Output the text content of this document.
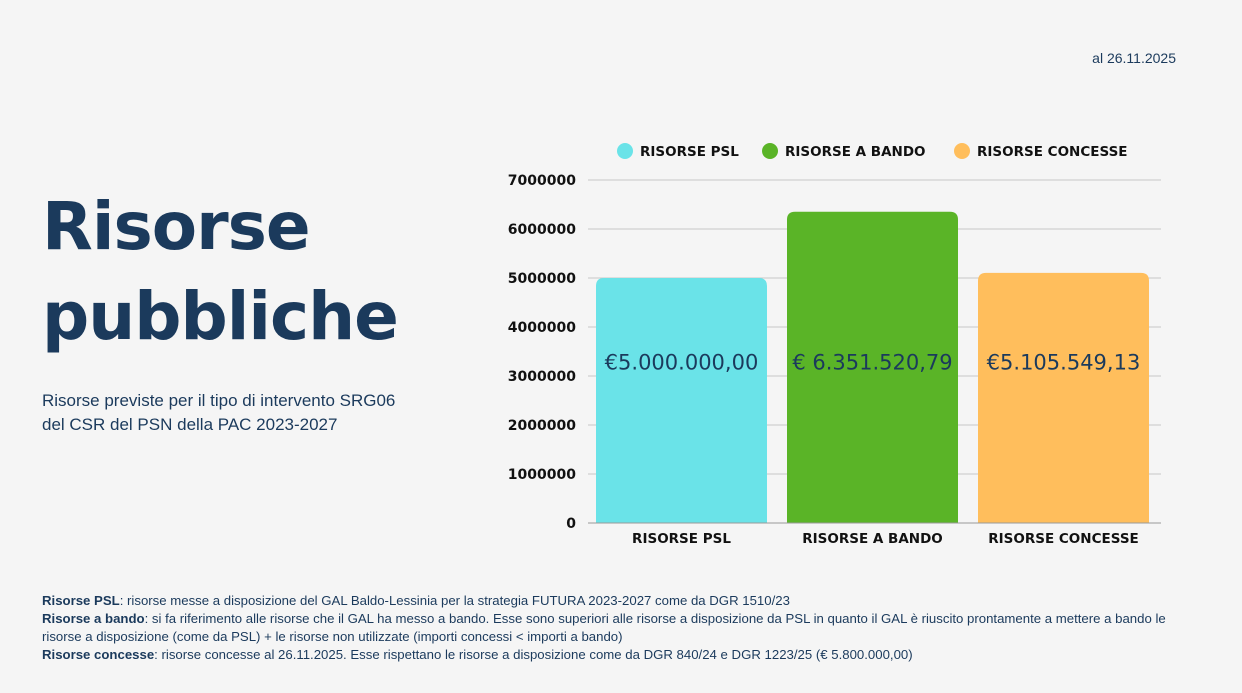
al 26.11.2025
Risorse
pubbliche
Risorse previste per il tipo di intervento SRG06
del CSR del PSN della PAC 2023-2027
0
1000000
2000000
3000000
4000000
5000000
6000000
7000000
€5.000.000,00
RISORSE PSL
€ 6.351.520,79
RISORSE A BANDO
€5.105.549,13
RISORSE CONCESSE
RISORSE PSL	RISORSE A BANDO	RISORSE CONCESSE

Risorse PSL: risorse messe a disposizione del GAL Baldo-Lessinia per la strategia FUTURA 2023-2027 come da DGR 1510/23

Risorse a bando: si fa riferimento alle risorse che il GAL ha messo a bando. Esse sono superiori alle risorse a disposizione da PSL in quanto il GAL è riuscito prontamente a mettere a bando le risorse a disposizione (come da PSL) + le risorse non utilizzate (importi concessi < importi a bando)

Risorse concesse: risorse concesse al 26.11.2025. Esse rispettano le risorse a disposizione come da DGR 840/24 e DGR 1223/25 (€ 5.800.000,00)
